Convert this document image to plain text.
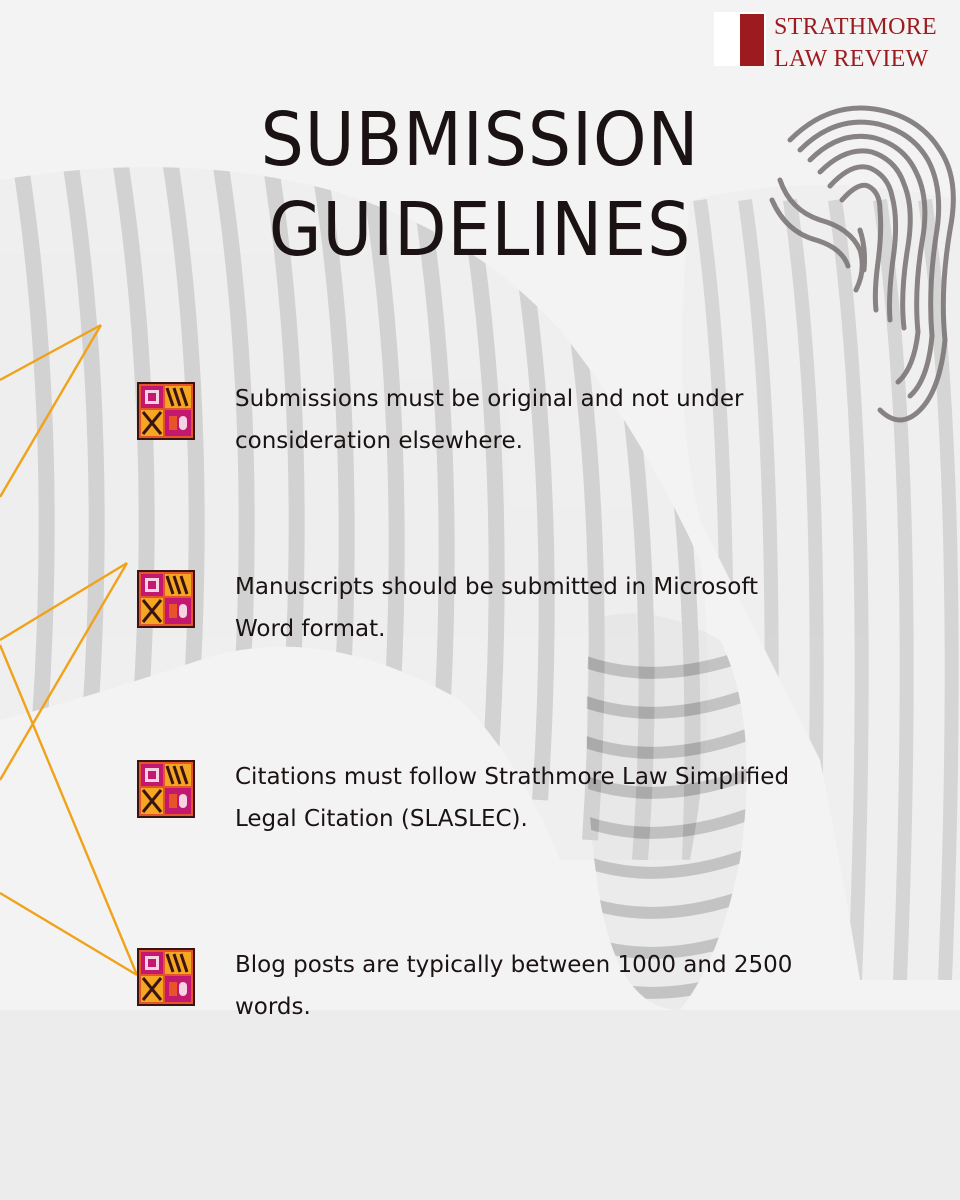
STRATHMORE
LAW REVIEW
SUBMISSION
GUIDELINES
Submissions must be original and not under
consideration elsewhere.
Manuscripts should be submitted in Microsoft
Word format.
Citations must follow Strathmore Law Simplified
Legal Citation (SLASLEC).
Blog posts are typically between 1000 and 2500
words.
